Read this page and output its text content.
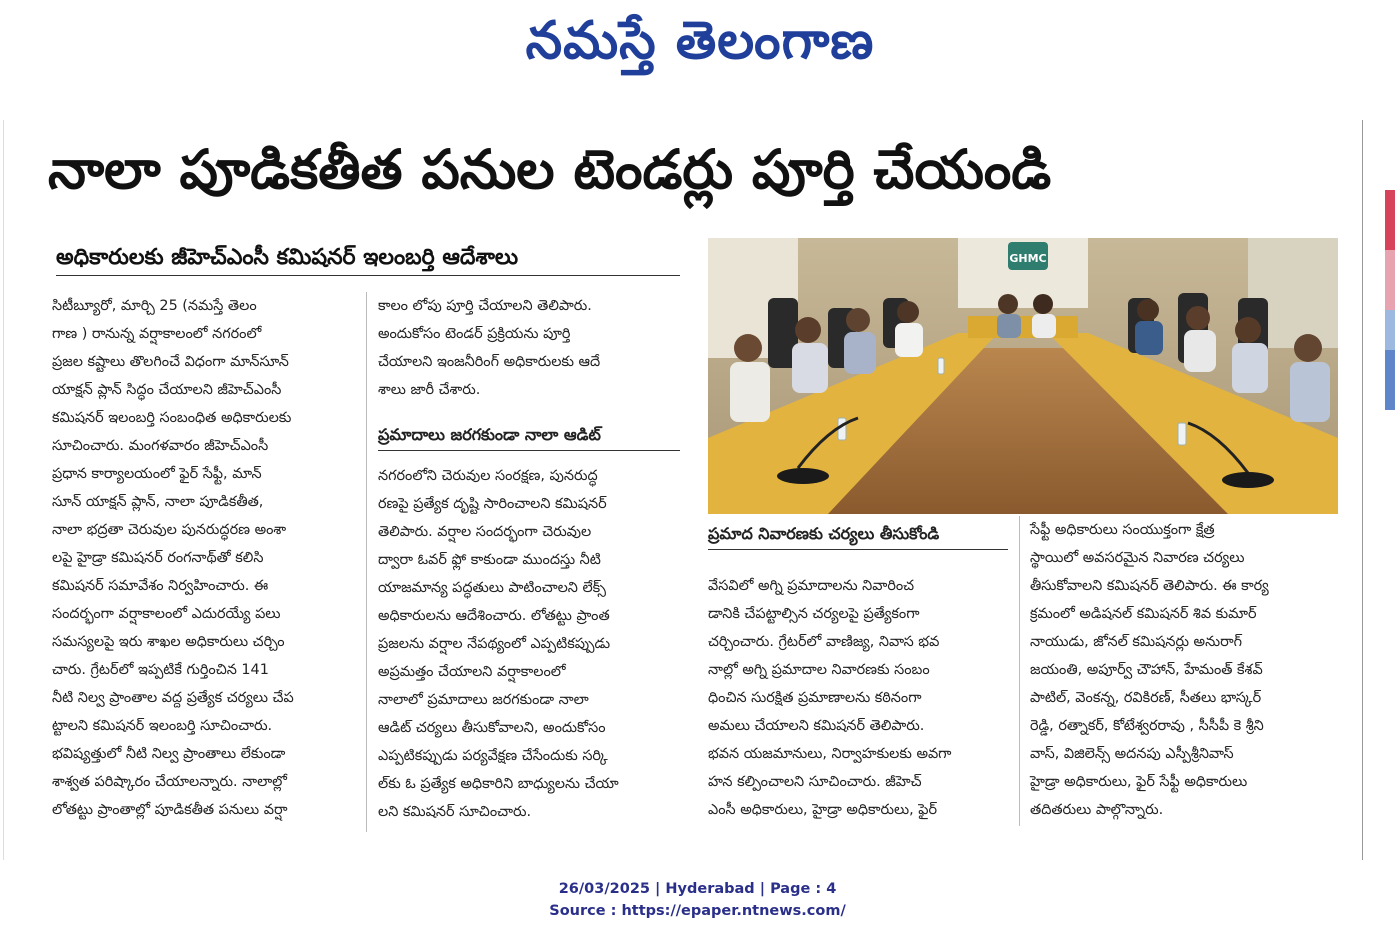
నమస్తే తెలంగాణ
నాలా పూడికతీత పనుల టెండర్లు పూర్తి చేయండి
అధికారులకు జీహెచ్‌ఎంసీ కమిషనర్ ఇలంబర్తి ఆదేశాలు

సిటీబ్యూరో, మార్చి 25 (నమస్తే తెలం

గాణ ) రానున్న వర్షాకాలంలో నగరంలో

ప్రజల కష్టాలు తొలగించే విధంగా మాన్‌సూన్

యాక్షన్ ప్లాన్ సిద్ధం చేయాలని జీహెచ్‌ఎంసీ

కమిషనర్ ఇలంబర్తి సంబంధిత అధికారులకు

సూచించారు. మంగళవారం జీహెచ్‌ఎంసీ

ప్రధాన కార్యాలయంలో ఫైర్ సేఫ్టీ, మాన్

సూన్ యాక్షన్ ప్లాన్, నాలా పూడికతీత,

నాలా భద్రతా చెరువుల పునరుద్ధరణ అంశా

లపై హైడ్రా కమిషనర్ రంగనాథ్‌తో కలిసి

కమిషనర్ సమావేశం నిర్వహించారు. ఈ

సందర్భంగా వర్షాకాలంలో ఎదురయ్యే పలు

సమస్యలపై ఇరు శాఖల అధికారులు చర్చిం

చారు. గ్రేటర్‌లో ఇప్పటికే గుర్తించిన 141

నీటి నిల్వ ప్రాంతాల వద్ద ప్రత్యేక చర్యలు చేప

ట్టాలని కమిషనర్ ఇలంబర్తి సూచించారు.

భవిష్యత్తులో నీటి నిల్వ ప్రాంతాలు లేకుండా

శాశ్వత పరిష్కారం చేయాలన్నారు. నాలాల్లో

లోతట్టు ప్రాంతాల్లో పూడికతీత పనులు వర్షా

కాలం లోపు పూర్తి చేయాలని తెలిపారు.

అందుకోసం టెండర్ ప్రక్రియను పూర్తి

చేయాలని ఇంజనీరింగ్ అధికారులకు ఆదే

శాలు జారీ చేశారు.

ప్రమాదాలు జరగకుండా నాలా ఆడిట్

నగరంలోని చెరువుల సంరక్షణ, పునరుద్ధ

రణపై ప్రత్యేక దృష్టి సారించాలని కమిషనర్

తెలిపారు. వర్షాల సందర్భంగా చెరువుల

ద్వారా ఓవర్ ఫ్లో కాకుండా ముందస్తు నీటి

యాజమాన్య పద్ధతులు పాటించాలని లేక్స్

అధికారులను ఆదేశించారు. లోతట్టు ప్రాంత

ప్రజలను వర్షాల నేపథ్యంలో ఎప్పటికప్పుడు

అప్రమత్తం చేయాలని వర్షాకాలంలో

నాలాలో ప్రమాదాలు జరగకుండా నాలా

ఆడిట్ చర్యలు తీసుకోవాలని, అందుకోసం

ఎప్పటికప్పుడు పర్యవేక్షణ చేసేందుకు సర్కి

ల్‌కు ఓ ప్రత్యేక అధికారిని బాధ్యులను చేయా

లని కమిషనర్ సూచించారు.

GHMC
ప్రమాద నివారణకు చర్యలు తీసుకోండి

వేసవిలో అగ్ని ప్రమాదాలను నివారించ

డానికి చేపట్టాల్సిన చర్యలపై ప్రత్యేకంగా

చర్చించారు. గ్రేటర్‌లో వాణిజ్య, నివాస భవ

నాల్లో అగ్ని ప్రమాదాల నివారణకు సంబం

ధించిన సురక్షిత ప్రమాణాలను కఠినంగా

అమలు చేయాలని కమిషనర్ తెలిపారు.

భవన యజమానులు, నిర్వాహకులకు అవగా

హన కల్పించాలని సూచించారు. జీహెచ్

ఎంసీ అధికారులు, హైడ్రా అధికారులు, ఫైర్

సేఫ్టీ అధికారులు సంయుక్తంగా క్షేత్ర

స్థాయిలో అవసరమైన నివారణ చర్యలు

తీసుకోవాలని కమిషనర్ తెలిపారు. ఈ కార్య

క్రమంలో అడిషనల్ కమిషనర్ శివ కుమార్

నాయుడు, జోనల్ కమిషనర్లు అనురాగ్

జయంతి, అపూర్వ్ చౌహాన్, హేమంత్ కేశవ్

పాటిల్, వెంకన్న, రవికిరణ్, సీతలు భాస్కర్

రెడ్డి, రత్నాకర్, కోటేశ్వరరావు , సీసీపీ కె శ్రీని

వాస్, విజిలెన్స్ అదనపు ఎస్పీశ్రీనివాస్

హైడ్రా అధికారులు, ఫైర్ సేఫ్టీ అధికారులు

తదితరులు పాల్గొన్నారు.

26/03/2025 | Hyderabad | Page : 4
Source : https://epaper.ntnews.com/
